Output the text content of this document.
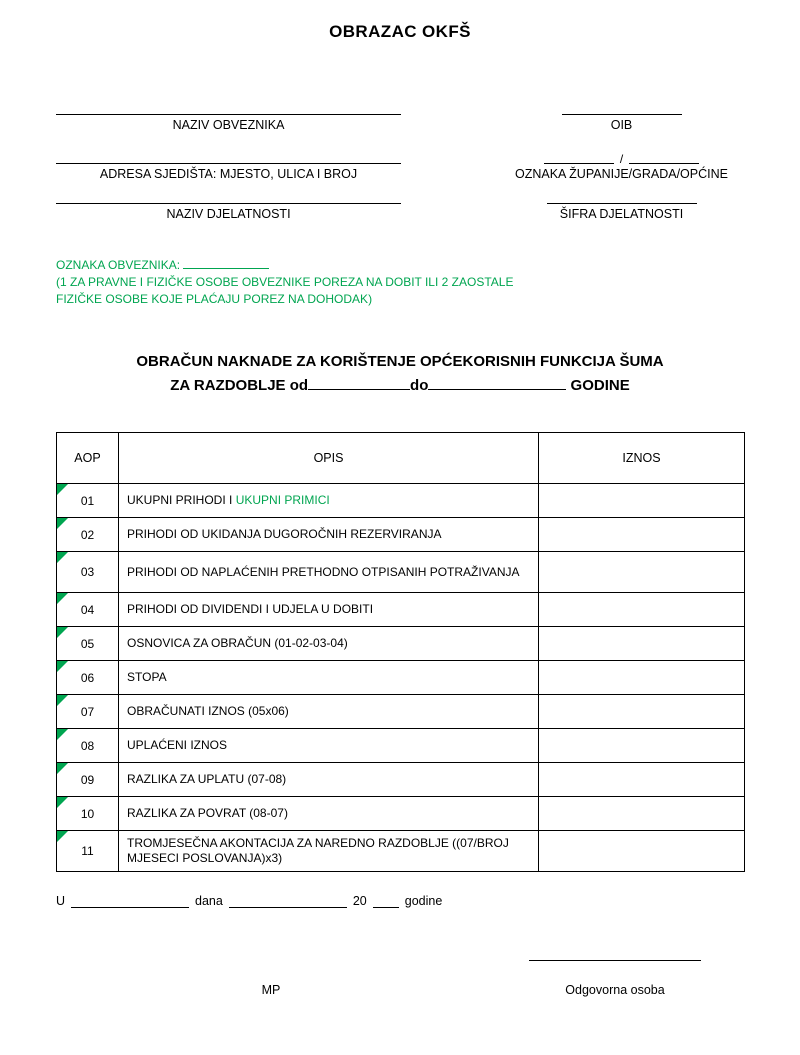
OBRAZAC OKFŠ
NAZIV OBVEZNIKA	OIB
ADRESA SJEDIŠTA: MJESTO, ULICA I BROJ
/
OZNAKA ŽUPANIJE/GRADA/OPĆINE
NAZIV DJELATNOSTI	ŠIFRA DJELATNOSTI
OZNAKA OBVEZNIKA:
(1 ZA PRAVNE I FIZIČKE OSOBE OBVEZNIKE POREZA NA DOBIT ILI 2 ZAOSTALE
FIZIČKE OSOBE KOJE PLAĆAJU POREZ NA DOHODAK)
OBRAČUN NAKNADE ZA KORIŠTENJE OPĆEKORISNIH FUNKCIJA ŠUMA
ZA RAZDOBLJE od	do	GODINE
AOP	OPIS	IZNOS
01	UKUPNI PRIHODI I UKUPNI PRIMICI	
02	PRIHODI OD UKIDANJA DUGOROČNIH REZERVIRANJA	
03	PRIHODI OD NAPLAĆENIH PRETHODNO OTPISANIH POTRAŽIVANJA	
04	PRIHODI OD DIVIDENDI I UDJELA U DOBITI	
05	OSNOVICA ZA OBRAČUN (01-02-03-04)	
06	STOPA	
07	OBRAČUNATI IZNOS (05x06)	
08	UPLAĆENI IZNOS	
09	RAZLIKA ZA UPLATU (07-08)	
10	RAZLIKA ZA POVRAT (08-07)	
11	TROMJESEČNA AKONTACIJA ZA NAREDNO RAZDOBLJE ((07/BROJ MJESECI POSLOVANJA)x3)	
U	dana	20	godine
MP	Odgovorna osoba
